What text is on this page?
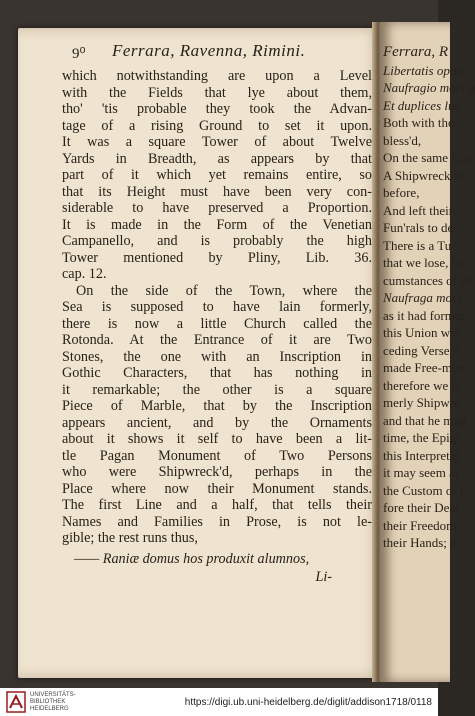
9⁰ Ferrara, Ravenna, Rimini.
which notwithstanding are upon a Level
with the Fields that lye about them,
tho' 'tis probable they took the Advan-
tage of a rising Ground to set it upon.
It was a square Tower of about Twelve
Yards in Breadth, as appears by that
part of it which yet remains entire, so
that its Height must have been very con-
siderable to have preserved a Proportion.
It is made in the Form of the Venetian
Campanello, and is probably the high
Tower mentioned by Pliny, Lib. 36.
cap. 12.
On the side of the Town, where the
Sea is supposed to have lain formerly,
there is now a little Church called the
Rotonda. At the Entrance of it are Two
Stones, the one with an Inscription in
Gothic Characters, that has nothing in
it remarkable; the other is a square
Piece of Marble, that by the Inscription
appears ancient, and by the Ornaments
about it shows it self to have been a lit-
tle Pagan Monument of Two Persons
who were Shipwreck'd, perhaps in the
Place where now their Monument stands.
The first Line and a half, that tells their
Names and Families in Prose, is not le-
gible; the rest runs thus,
—— Raniæ domus hos produxit alumnos,
Li-
Ferrara, R
Libertatis opus
Naufragio mors p
Et duplices luc
Both with the
bless'd,
On the same Day
A Shipwreck fle
before,
And left their
Fun'rals to de
There is a Tu
that we lose, by
cumstances of th
Naufraga mors
as it had former
this Union was
ceding Verse, I
made Free-men
therefore we fi
merly Shipwre
and that he mad
time, the Epigr
this Interpretat
it may seem at
the Custom of t
fore their Deat
their Freedom,
their Hands; a
UNIVERSITÄTS-
BIBLIOTHEK
HEIDELBERG
https://digi.ub.uni-heidelberg.de/diglit/addison1718/0118
